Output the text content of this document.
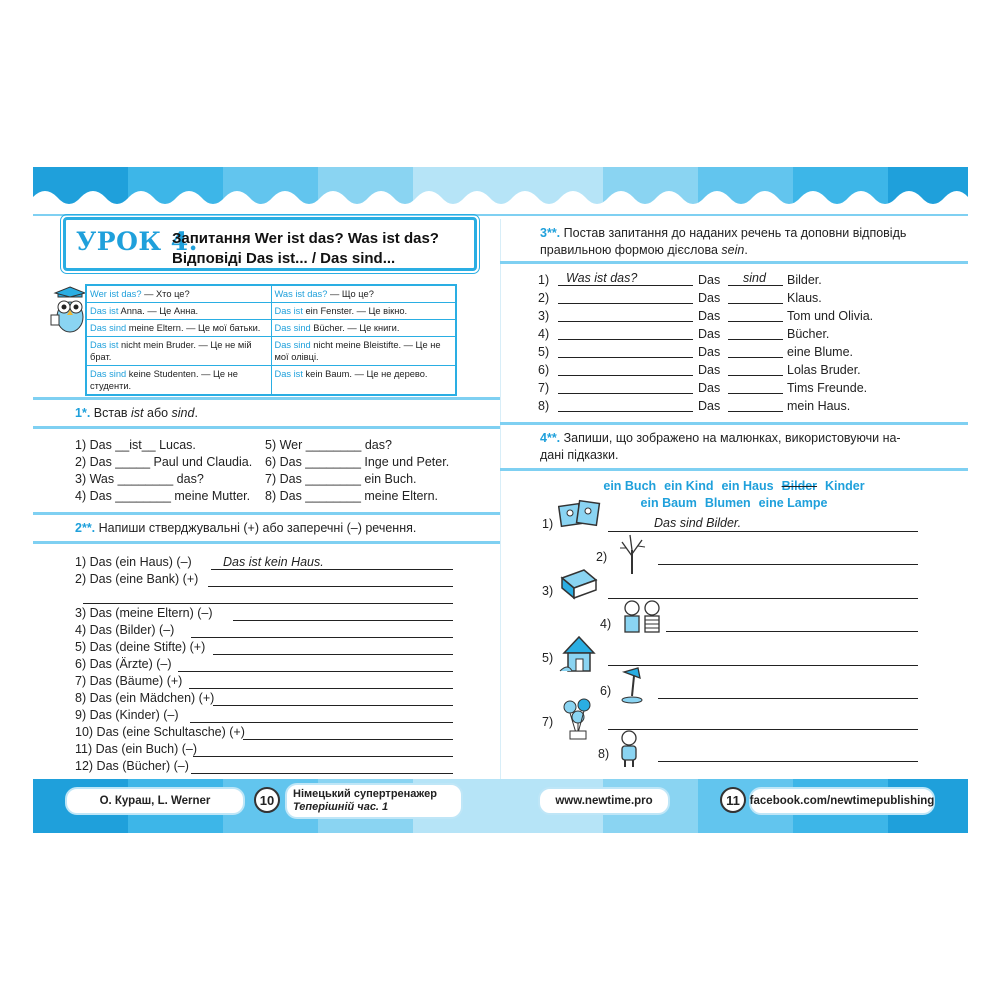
УРОК 4.
Запитання Wer ist das? Was ist das?
Відповіді Das ist... / Das sind...
Wer ist das? — Хто це?	Was ist das? — Що це?
Das ist Anna. — Це Анна.	Das ist ein Fenster. — Це вікно.
Das sind meine Eltern. — Це мої батьки.	Das sind Bücher. — Це книги.
Das ist nicht mein Bruder. — Це не мій брат.	Das sind nicht meine Bleistifte. — Це не мої олівці.
Das sind keine Studenten. — Це не студенти.	Das ist kein Baum. — Це не дерево.
1*. Встав ist або sind.
1) Das __ist__ Lucas.	5) Wer ________ das?
2) Das _____ Paul und Claudia. 6) Das ________ Inge und Peter.
3) Was ________ das?	7) Das ________ ein Buch.
4) Das ________ meine Mutter. 8) Das ________ meine Eltern.
2**. Напиши стверджувальні (+) або заперечні (–) речення.
1) Das (ein Haus) (–)	Das ist kein Haus.
2) Das (eine Bank) (+)
3) Das (meine Eltern) (–)
4) Das (Bilder) (–)
5) Das (deine Stifte) (+)
6) Das (Ärzte) (–)
7) Das (Bäume) (+)
8) Das (ein Mädchen) (+)
9) Das (Kinder) (–)
10) Das (eine Schultasche) (+)
11) Das (ein Buch) (–)
12) Das (Bücher) (–)
3**. Постав запитання до наданих речень та доповни відповідь
правильною формою дієслова sein.
1) Was ist das?	Das sind Bilder.
2)	Das	Klaus.
3)	Das	Tom und Olivia.
4)	Das	Bücher.
5)	Das	eine Blume.
6)	Das	Lolas Bruder.
7)	Das	Tims Freunde.
8)	Das	mein Haus.
4**. Запиши, що зображено на малюнках, використовуючи на-
дані підказки.
ein Buch ein Kind ein Haus Bilder Kinder
ein Baum Blumen eine Lampe
1)	Das sind Bilder.
2)
3)
4)
5)
6)
7)
8)
О. Кураш, L. Werner	10	Німецький супертренажер
Теперішній час. 1	www.newtime.pro	11 facebook.com/newtimepublishing
